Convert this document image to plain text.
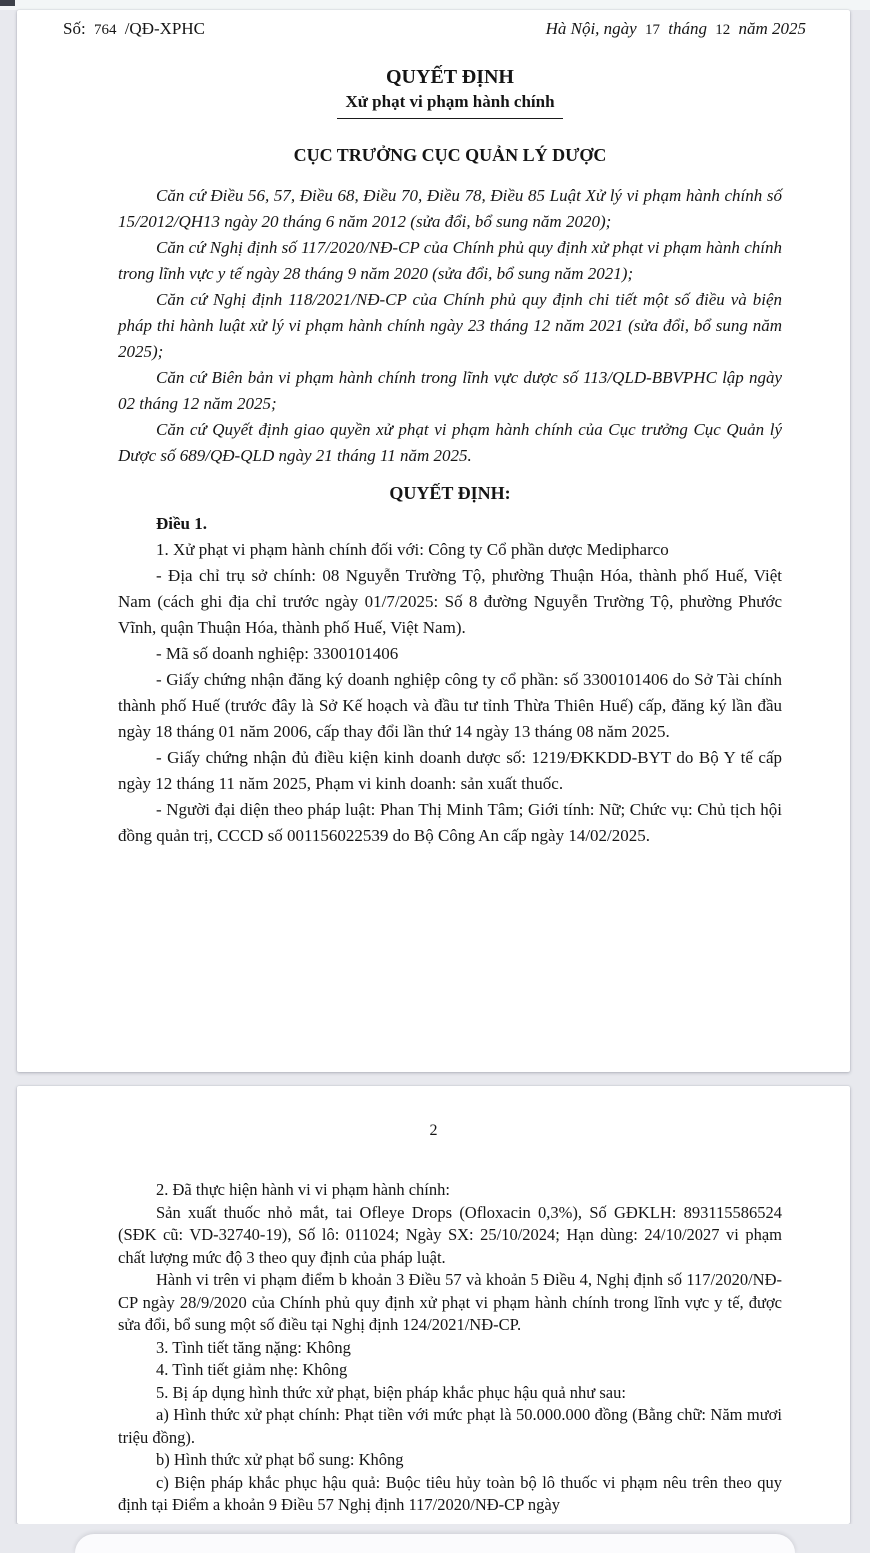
Số: 764 /QĐ-XPHC	Hà Nội, ngày 17 tháng 12 năm 2025
QUYẾT ĐỊNH
Xử phạt vi phạm hành chính
CỤC TRƯỞNG CỤC QUẢN LÝ DƯỢC

Căn cứ Điều 56, 57, Điều 68, Điều 70, Điều 78, Điều 85 Luật Xử lý vi phạm hành chính số 15/2012/QH13 ngày 20 tháng 6 năm 2012 (sửa đổi, bổ sung năm 2020);

Căn cứ Nghị định số 117/2020/NĐ-CP của Chính phủ quy định xử phạt vi phạm hành chính trong lĩnh vực y tế ngày 28 tháng 9 năm 2020 (sửa đổi, bổ sung năm 2021);

Căn cứ Nghị định 118/2021/NĐ-CP của Chính phủ quy định chi tiết một số điều và biện pháp thi hành luật xử lý vi phạm hành chính ngày 23 tháng 12 năm 2021 (sửa đổi, bổ sung năm 2025);

Căn cứ Biên bản vi phạm hành chính trong lĩnh vực dược số 113/QLD-BBVPHC lập ngày 02 tháng 12 năm 2025;

Căn cứ Quyết định giao quyền xử phạt vi phạm hành chính của Cục trưởng Cục Quản lý Dược số 689/QĐ-QLD ngày 21 tháng 11 năm 2025.

QUYẾT ĐỊNH:
Điều 1.

1. Xử phạt vi phạm hành chính đối với: Công ty Cổ phần dược Medipharco

- Địa chỉ trụ sở chính: 08 Nguyễn Trường Tộ, phường Thuận Hóa, thành phố Huế, Việt Nam (cách ghi địa chỉ trước ngày 01/7/2025: Số 8 đường Nguyễn Trường Tộ, phường Phước Vĩnh, quận Thuận Hóa, thành phố Huế, Việt Nam).

- Mã số doanh nghiệp: 3300101406

- Giấy chứng nhận đăng ký doanh nghiệp công ty cổ phần: số 3300101406 do Sở Tài chính thành phố Huế (trước đây là Sở Kế hoạch và đầu tư tỉnh Thừa Thiên Huế) cấp, đăng ký lần đầu ngày 18 tháng 01 năm 2006, cấp thay đổi lần thứ 14 ngày 13 tháng 08 năm 2025.

- Giấy chứng nhận đủ điều kiện kinh doanh dược số: 1219/ĐKKDD-BYT do Bộ Y tế cấp ngày 12 tháng 11 năm 2025, Phạm vi kinh doanh: sản xuất thuốc.

- Người đại diện theo pháp luật: Phan Thị Minh Tâm; Giới tính: Nữ; Chức vụ: Chủ tịch hội đồng quản trị, CCCD số 001156022539 do Bộ Công An cấp ngày 14/02/2025.

2

2. Đã thực hiện hành vi vi phạm hành chính:

Sản xuất thuốc nhỏ mắt, tai Ofleye Drops (Ofloxacin 0,3%), Số GĐKLH: 893115586524 (SĐK cũ: VD-32740-19), Số lô: 011024; Ngày SX: 25/10/2024; Hạn dùng: 24/10/2027 vi phạm chất lượng mức độ 3 theo quy định của pháp luật.

Hành vi trên vi phạm điểm b khoản 3 Điều 57 và khoản 5 Điều 4, Nghị định số 117/2020/NĐ-CP ngày 28/9/2020 của Chính phủ quy định xử phạt vi phạm hành chính trong lĩnh vực y tế, được sửa đổi, bổ sung một số điều tại Nghị định 124/2021/NĐ-CP.

3. Tình tiết tăng nặng: Không

4. Tình tiết giảm nhẹ: Không

5. Bị áp dụng hình thức xử phạt, biện pháp khắc phục hậu quả như sau:

a) Hình thức xử phạt chính: Phạt tiền với mức phạt là 50.000.000 đồng (Bằng chữ: Năm mươi triệu đồng).

b) Hình thức xử phạt bổ sung: Không

c) Biện pháp khắc phục hậu quả: Buộc tiêu hủy toàn bộ lô thuốc vi phạm nêu trên theo quy định tại Điểm a khoản 9 Điều 57 Nghị định 117/2020/NĐ-CP ngày
